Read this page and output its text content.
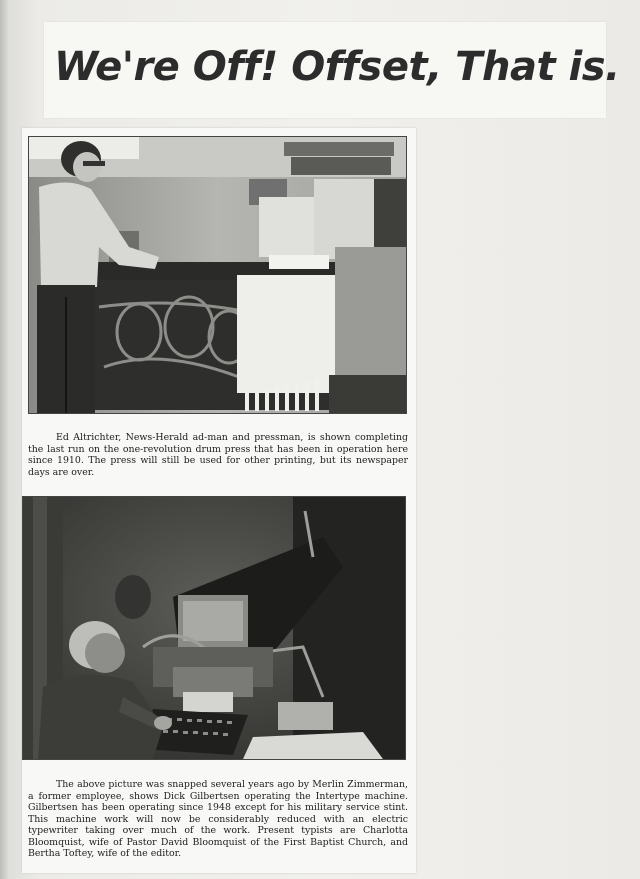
We're Off! Offset, That is.

Ed Altrichter, News-Herald ad-man and pressman, is shown completing the last run on the one-revolution drum press that has been in operation here since 1910. The press will still be used for other printing, but its newspaper days are over.

The above picture was snapped several years ago by Merlin Zimmerman, a former employee, shows Dick Gilbertsen operating the Intertype machine. Gilbertsen has been operating since 1948 except for his military service stint. This machine work will now be considerably reduced with an electric typewriter taking over much of the work. Present typists are Charlotta Bloomquist, wife of Pastor David Bloomquist of the First Baptist Church, and Bertha Toftey, wife of the editor.
